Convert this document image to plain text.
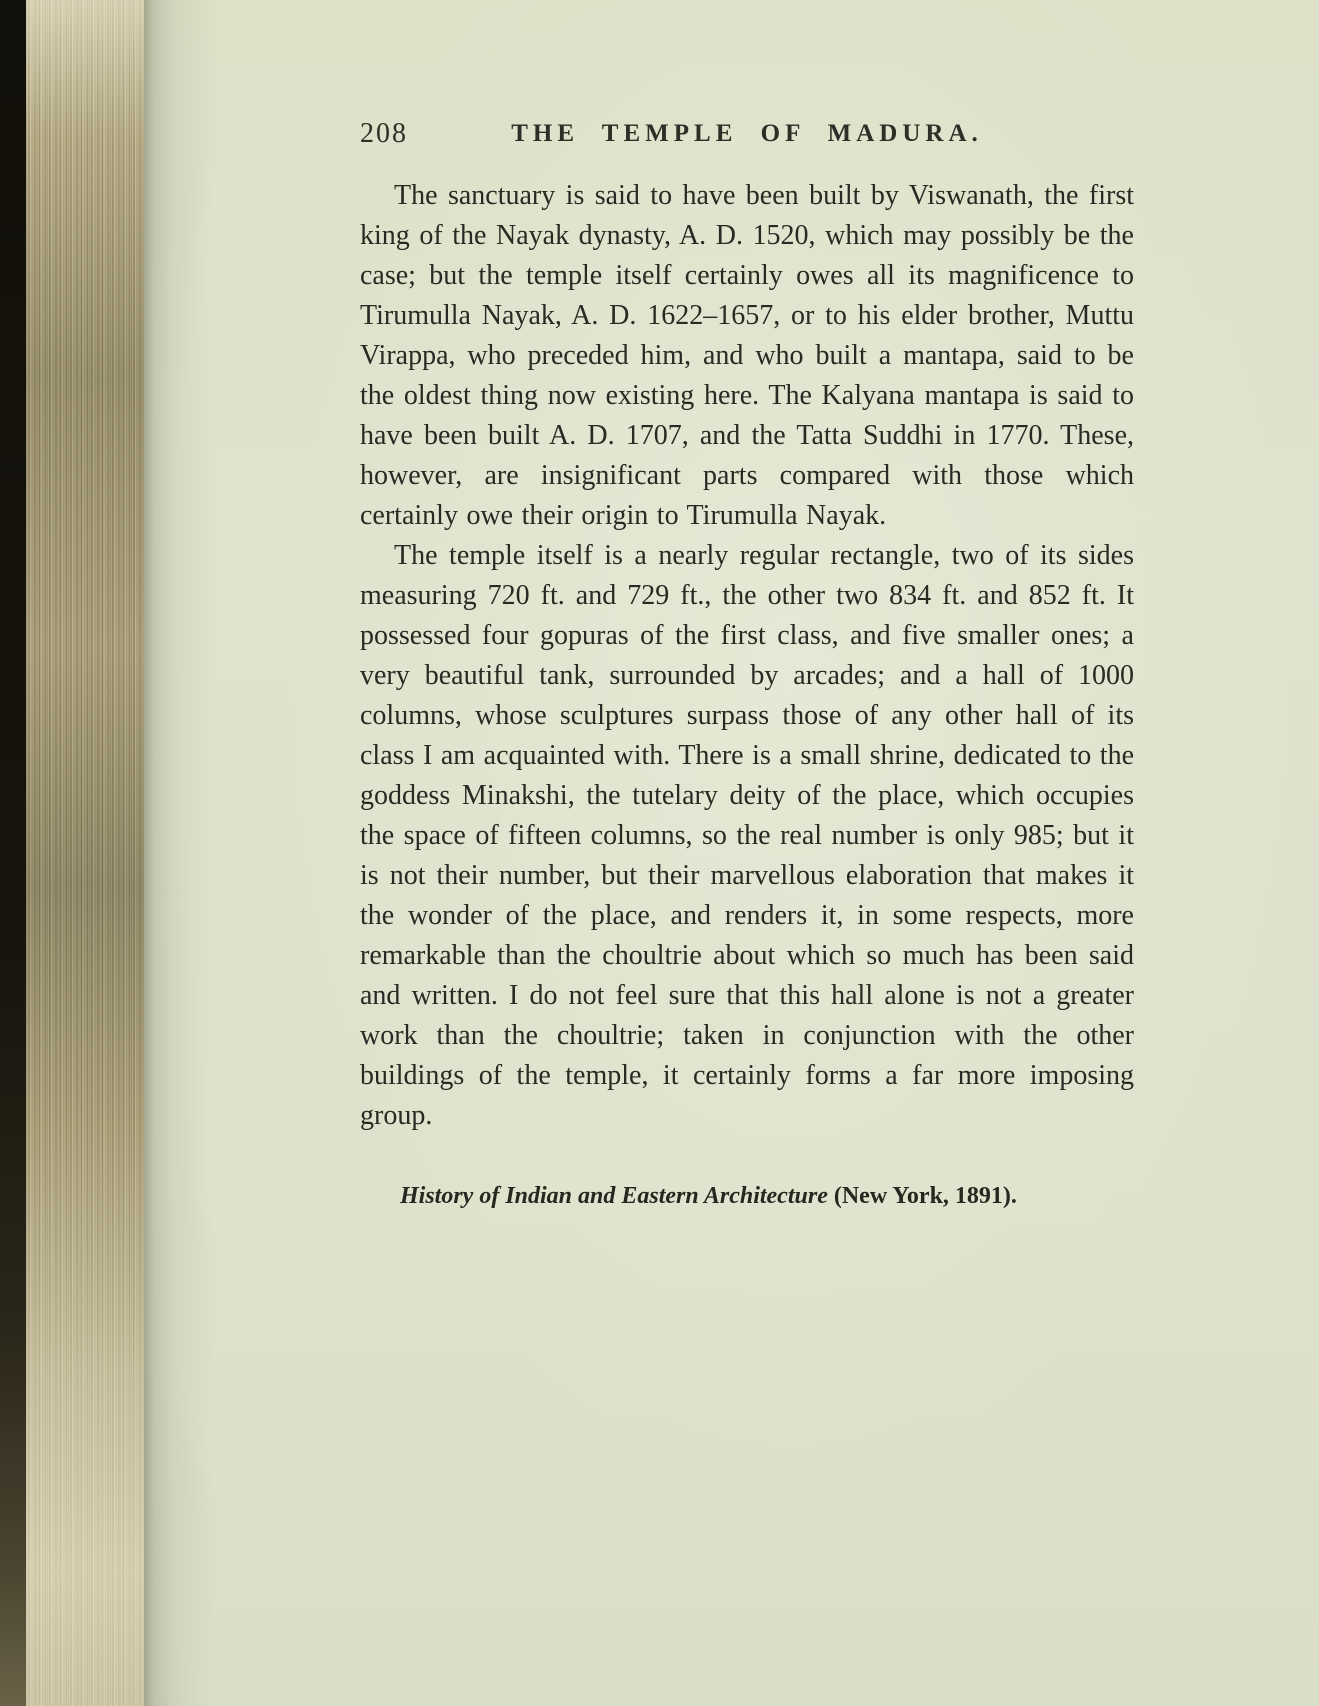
208	THE TEMPLE OF MADURA.

The sanctuary is said to have been built by Viswanath, the first king of the Nayak dynasty, A. D. 1520, which may possibly be the case; but the temple itself certainly owes all its magnificence to Tirumulla Nayak, A. D. 1622–1657, or to his elder brother, Muttu Virappa, who preceded him, and who built a mantapa, said to be the oldest thing now existing here. The Kalyana mantapa is said to have been built A. D. 1707, and the Tatta Suddhi in 1770. These, however, are insignificant parts compared with those which certainly owe their origin to Tirumulla Nayak.

The temple itself is a nearly regular rectangle, two of its sides measuring 720 ft. and 729 ft., the other two 834 ft. and 852 ft. It possessed four gopuras of the first class, and five smaller ones; a very beautiful tank, surrounded by arcades; and a hall of 1000 columns, whose sculptures surpass those of any other hall of its class I am acquainted with. There is a small shrine, dedicated to the goddess Minakshi, the tutelary deity of the place, which occupies the space of fifteen columns, so the real number is only 985; but it is not their number, but their marvellous elaboration that makes it the wonder of the place, and renders it, in some respects, more remarkable than the choultrie about which so much has been said and written. I do not feel sure that this hall alone is not a greater work than the choultrie; taken in conjunction with the other buildings of the temple, it certainly forms a far more imposing group.

History of Indian and Eastern Architecture (New York, 1891).
